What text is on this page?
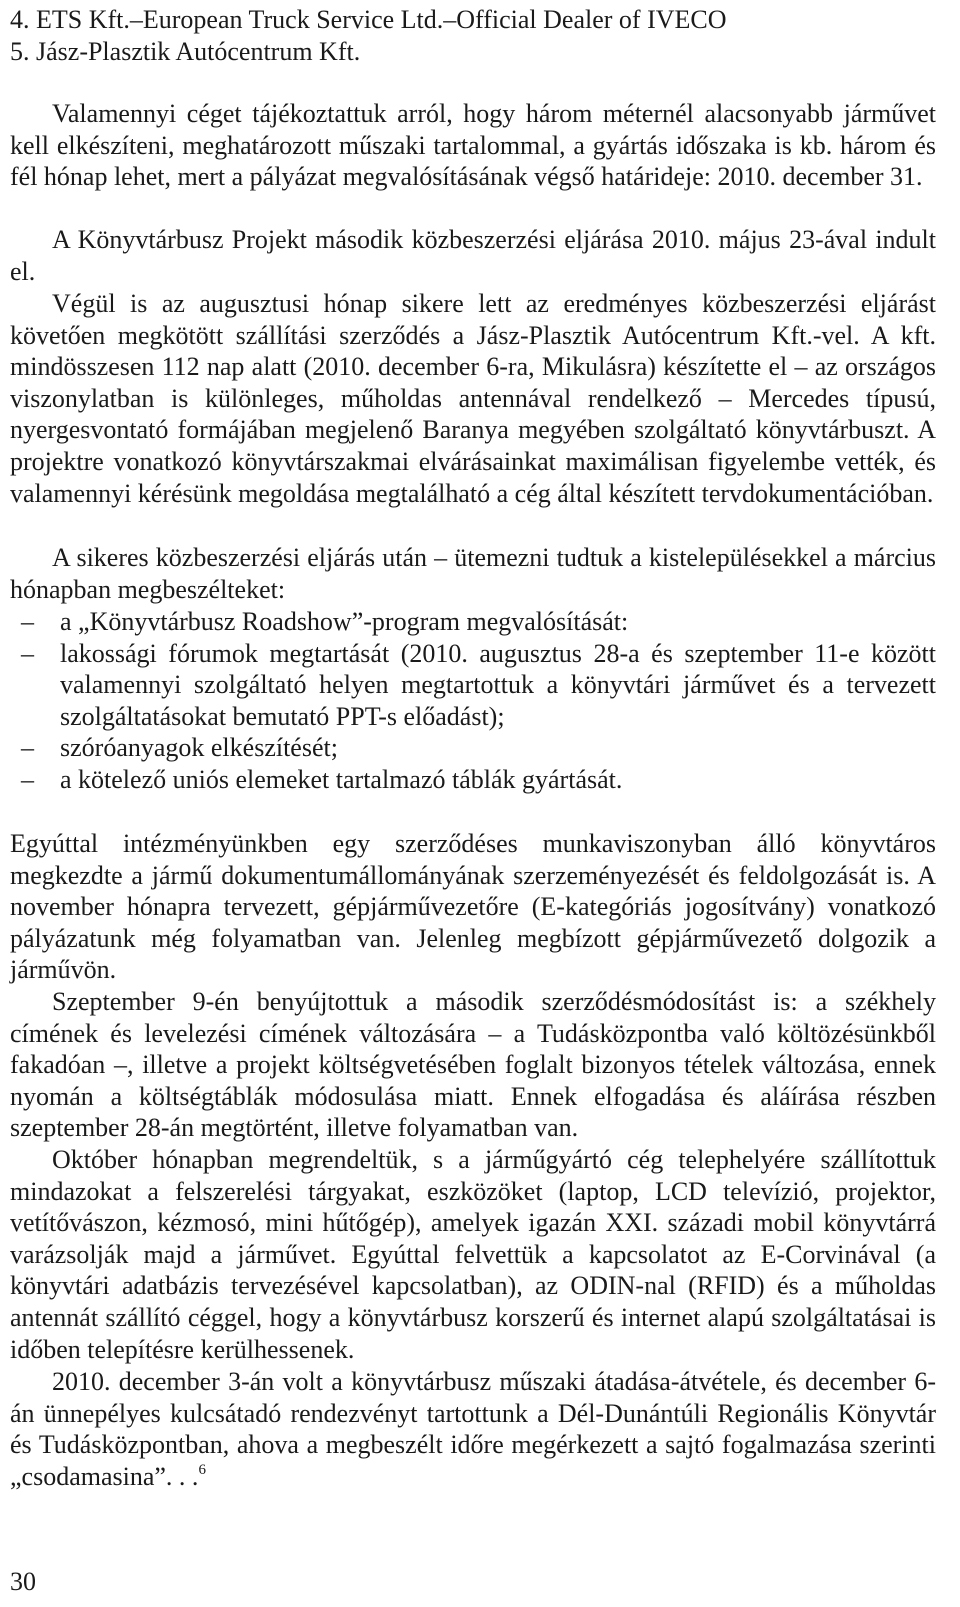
4. ETS Kft.–European Truck Service Ltd.–Official Dealer of IVECO
5. Jász-Plasztik Autócentrum Kft.

Valamennyi céget tájékoztattuk arról, hogy három méternél alacsonyabb járművet kell elkészíteni, meghatározott műszaki tartalommal, a gyártás időszaka is kb. három és fél hónap lehet, mert a pályázat megvalósításának végső határideje: 2010. december 31.

A Könyvtárbusz Projekt második közbeszerzési eljárása 2010. május 23-ával indult el.

Végül is az augusztusi hónap sikere lett az eredményes közbeszerzési eljárást követően megkötött szállítási szerződés a Jász-Plasztik Autócentrum Kft.-vel. A kft. mindösszesen 112 nap alatt (2010. december 6-ra, Mikulásra) készítette el – az országos viszonylatban is különleges, műholdas antennával rendelkező – Mercedes típusú, nyergesvontató formájában megjelenő Baranya megyében szolgáltató könyvtárbuszt. A projektre vonatkozó könyvtárszakmai elvárásainkat maximálisan figyelembe vették, és valamennyi kérésünk megoldása megtalálható a cég által készített tervdokumentációban.

A sikeres közbeszerzési eljárás után – ütemezni tudtuk a kistelepülésekkel a március hónapban megbeszélteket:

– a „Könyvtárbusz Roadshow”-program megvalósítását:
– lakossági fórumok megtartását (2010. augusztus 28-a és szeptember 11-e között valamennyi szolgáltató helyen megtartottuk a könyvtári járművet és a tervezett szolgáltatásokat bemutató PPT-s előadást);
– szóróanyagok elkészítését;
– a kötelező uniós elemeket tartalmazó táblák gyártását.

Egyúttal intézményünkben egy szerződéses munkaviszonyban álló könyvtáros megkezdte a jármű dokumentumállományának szerzeményezését és feldolgozását is. A november hónapra tervezett, gépjárművezetőre (E-kategóriás jogosítvány) vonatkozó pályázatunk még folyamatban van. Jelenleg megbízott gépjárművezető dolgozik a járművön.

Szeptember 9-én benyújtottuk a második szerződésmódosítást is: a székhely címének és levelezési címének változására – a Tudásközpontba való költözésünkből fakadóan –, illetve a projekt költségvetésében foglalt bizonyos tételek változása, ennek nyomán a költségtáblák módosulása miatt. Ennek elfogadása és aláírása részben szeptember 28-án megtörtént, illetve folyamatban van.

Október hónapban megrendeltük, s a járműgyártó cég telephelyére szállítottuk mindazokat a felszerelési tárgyakat, eszközöket (laptop, LCD televízió, projektor, vetítővászon, kézmosó, mini hűtőgép), amelyek igazán XXI. századi mobil könyvtárrá varázsolják majd a járművet. Egyúttal felvettük a kapcsolatot az E-Corvinával (a könyvtári adatbázis tervezésével kapcsolatban), az ODIN-nal (RFID) és a műholdas antennát szállító céggel, hogy a könyvtárbusz korszerű és internet alapú szolgáltatásai is időben telepítésre kerülhessenek.

2010. december 3-án volt a könyvtárbusz műszaki átadása-átvétele, és december 6-án ünnepélyes kulcsátadó rendezvényt tartottunk a Dél-Dunántúli Regionális Könyvtár és Tudásközpontban, ahova a megbeszélt időre megérkezett a sajtó fogalmazása szerinti „csodamasina”. . .$^6$

30
